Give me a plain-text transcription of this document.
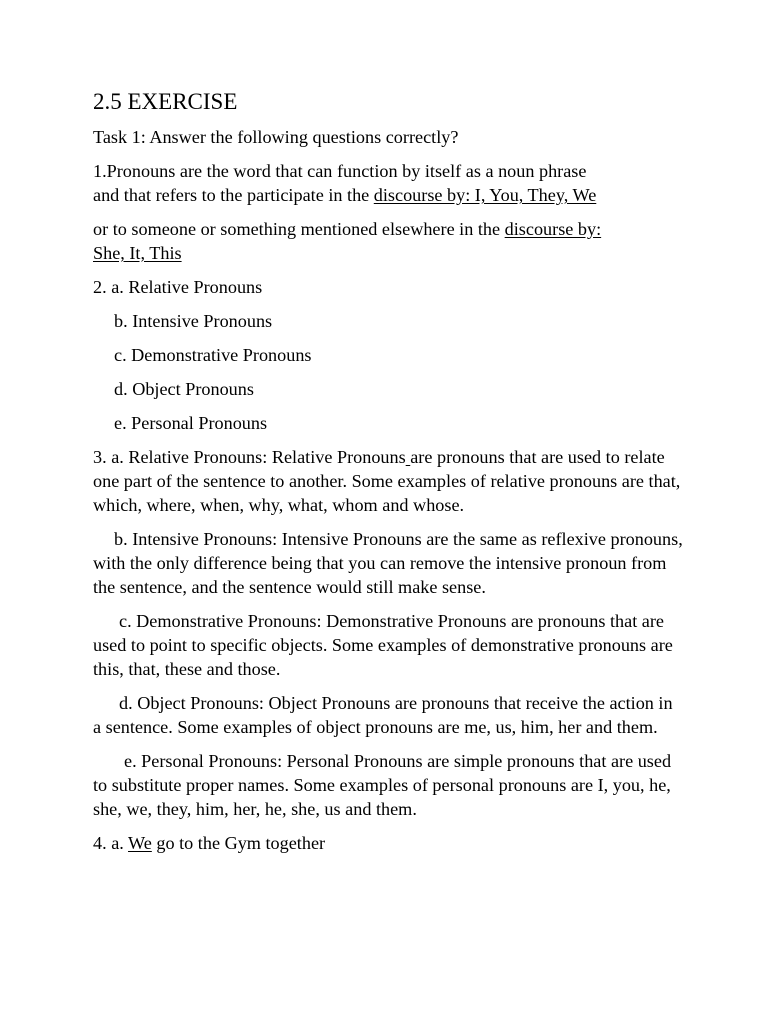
2.5 EXERCISE
Task 1: Answer the following questions correctly?
1.Pronouns are the word that can function by itself as a noun phrase
and that refers to the participate in the discourse by: I, You, They, We
or to someone or something mentioned elsewhere in the discourse by:
She, It, This
2. a. Relative Pronouns
b. Intensive Pronouns
c. Demonstrative Pronouns
d. Object Pronouns
e. Personal Pronouns
3. a. Relative Pronouns: Relative Pronouns are pronouns that are used to relate one part of the sentence to another. Some examples of relative pronouns are that, which, where, when, why, what, whom and whose.
b. Intensive Pronouns: Intensive Pronouns are the same as reflexive pronouns, with the only difference being that you can remove the intensive pronoun from the sentence, and the sentence would still make sense.
c. Demonstrative Pronouns: Demonstrative Pronouns are pronouns that are used to point to specific objects. Some examples of demonstrative pronouns are this, that, these and those.
d. Object Pronouns: Object Pronouns are pronouns that receive the action in a sentence. Some examples of object pronouns are me, us, him, her and them.
e. Personal Pronouns: Personal Pronouns are simple pronouns that are used to substitute proper names. Some examples of personal pronouns are I, you, he, she, we, they, him, her, he, she, us and them.
4. a. We go to the Gym together
